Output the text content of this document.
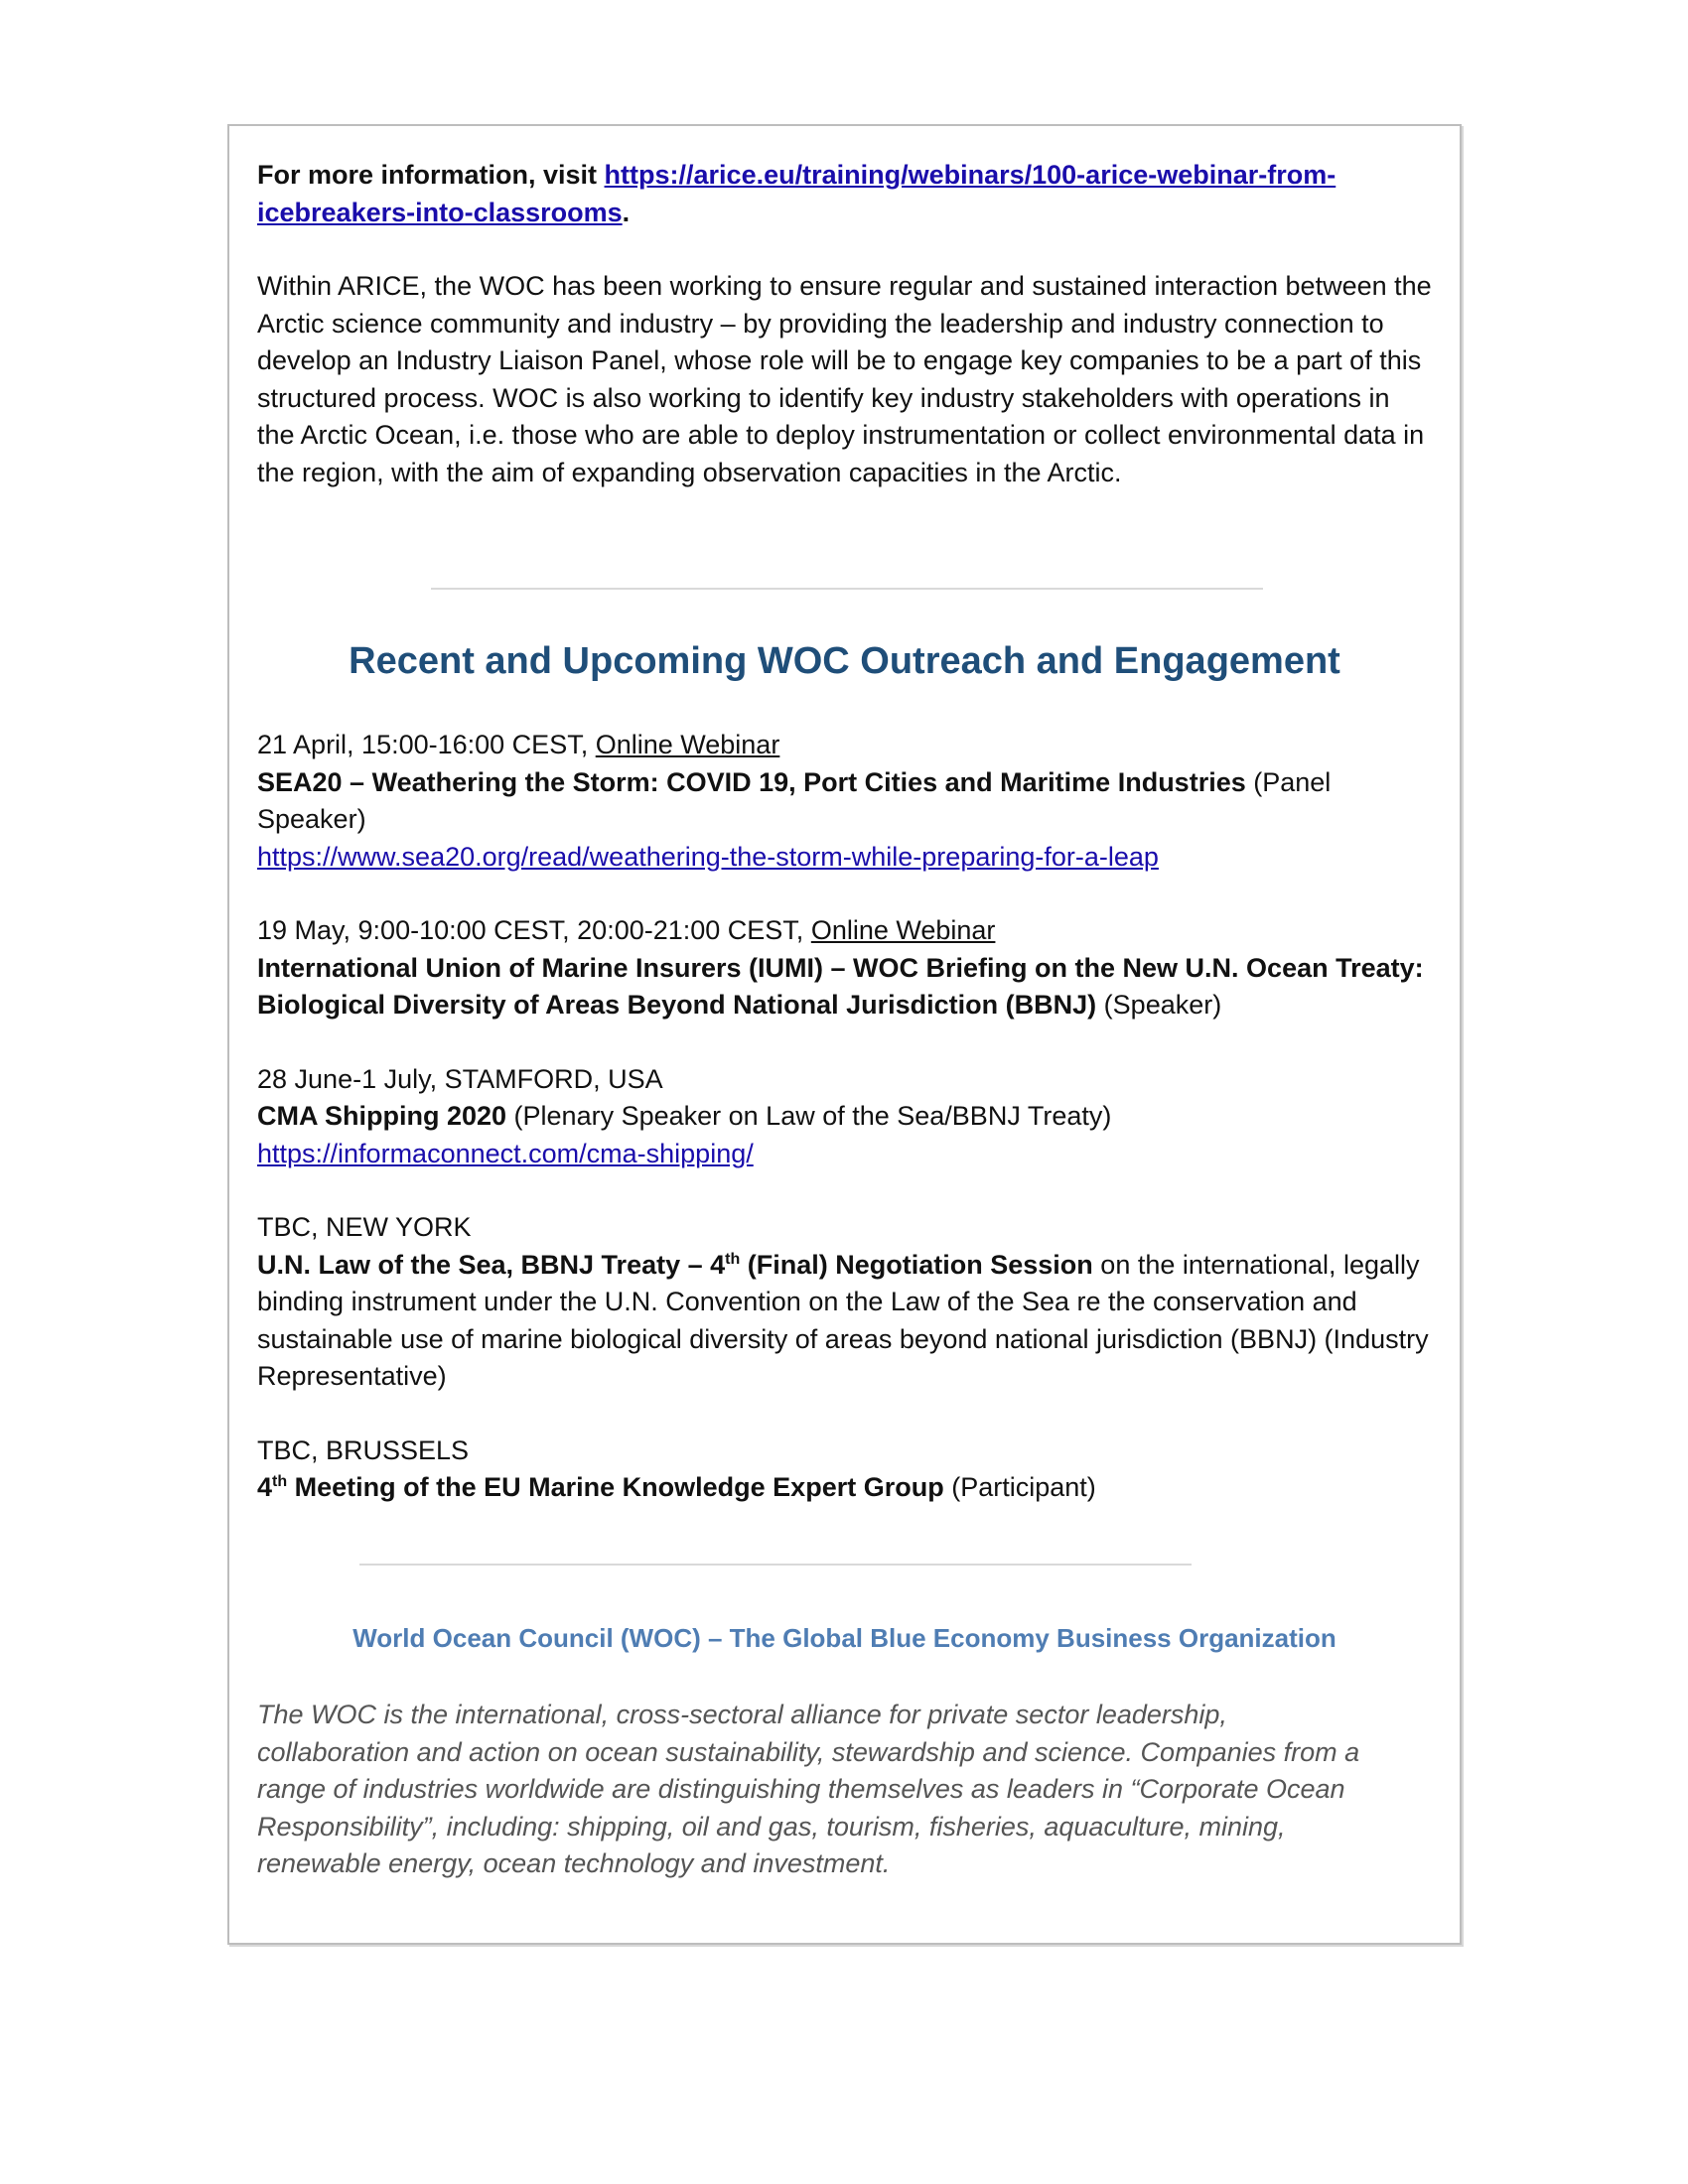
For more information, visit https://arice.eu/training/webinars/100-arice-webinar-from-
icebreakers-into-classrooms.

Within ARICE, the WOC has been working to ensure regular and sustained interaction between the Arctic science community and industry – by providing the leadership and industry connection to develop an Industry Liaison Panel, whose role will be to engage key companies to be a part of this structured process. WOC is also working to identify key industry stakeholders with operations in the Arctic Ocean, i.e. those who are able to deploy instrumentation or collect environmental data in the region, with the aim of expanding observation capacities in the Arctic.

Recent and Upcoming WOC Outreach and Engagement

21 April, 15:00-16:00 CEST, Online Webinar

SEA20 – Weathering the Storm: COVID 19, Port Cities and Maritime Industries (Panel Speaker)

https://www.sea20.org/read/weathering-the-storm-while-preparing-for-a-leap

19 May, 9:00-10:00 CEST, 20:00-21:00 CEST, Online Webinar

International Union of Marine Insurers (IUMI) – WOC Briefing on the New U.N. Ocean Treaty: Biological Diversity of Areas Beyond National Jurisdiction (BBNJ) (Speaker)

28 June-1 July, STAMFORD, USA

CMA Shipping 2020 (Plenary Speaker on Law of the Sea/BBNJ Treaty)

https://informaconnect.com/cma-shipping/

TBC, NEW YORK

U.N. Law of the Sea, BBNJ Treaty – 4th (Final) Negotiation Session on the international, legally binding instrument under the U.N. Convention on the Law of the Sea re the conservation and sustainable use of marine biological diversity of areas beyond national jurisdiction (BBNJ) (Industry Representative)

TBC, BRUSSELS

4th Meeting of the EU Marine Knowledge Expert Group (Participant)

World Ocean Council (WOC) – The Global Blue Economy Business Organization
The WOC is the international, cross-sectoral alliance for private sector leadership, collaboration and action on ocean sustainability, stewardship and science. Companies from a range of industries worldwide are distinguishing themselves as leaders in “Corporate Ocean Responsibility”, including: shipping, oil and gas, tourism, fisheries, aquaculture, mining, renewable energy, ocean technology and investment.
